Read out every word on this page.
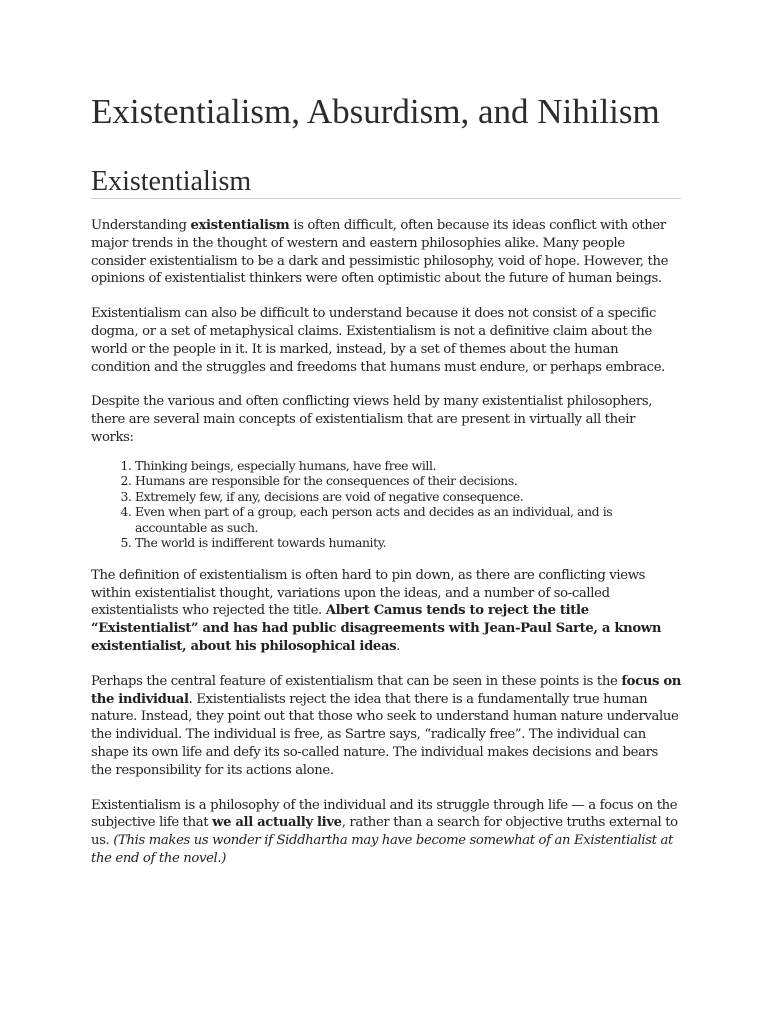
Existentialism, Absurdism, and Nihilism
Existentialism

Understanding existentialism is often difficult, often because its ideas conflict with other major trends in the thought of western and eastern philosophies alike. Many people consider existentialism to be a dark and pessimistic philosophy, void of hope. However, the opinions of existentialist thinkers were often optimistic about the future of human beings.

Existentialism can also be difficult to understand because it does not consist of a specific dogma, or a set of metaphysical claims. Existentialism is not a definitive claim about the world or the people in it. It is marked, instead, by a set of themes about the human condition and the struggles and freedoms that humans must endure, or perhaps embrace.

Despite the various and often conflicting views held by many existentialist philosophers, there are several main concepts of existentialism that are present in virtually all their works:

1. Thinking beings, especially humans, have free will.
2. Humans are responsible for the consequences of their decisions.
3. Extremely few, if any, decisions are void of negative consequence.
4. Even when part of a group, each person acts and decides as an individual, and is accountable as such.
5. The world is indifferent towards humanity.

The definition of existentialism is often hard to pin down, as there are conflicting views within existentialist thought, variations upon the ideas, and a number of so-called existentialists who rejected the title. Albert Camus tends to reject the title “Existentialist” and has had public disagreements with Jean-Paul Sarte, a known existentialist, about his philosophical ideas.

Perhaps the central feature of existentialism that can be seen in these points is the focus on the individual. Existentialists reject the idea that there is a fundamentally true human nature. Instead, they point out that those who seek to understand human nature undervalue the individual. The individual is free, as Sartre says, “radically free”. The individual can shape its own life and defy its so-called nature. The individual makes decisions and bears the responsibility for its actions alone.

Existentialism is a philosophy of the individual and its struggle through life — a focus on the subjective life that we all actually live, rather than a search for objective truths external to us. (This makes us wonder if Siddhartha may have become somewhat of an Existentialist at the end of the novel.)
